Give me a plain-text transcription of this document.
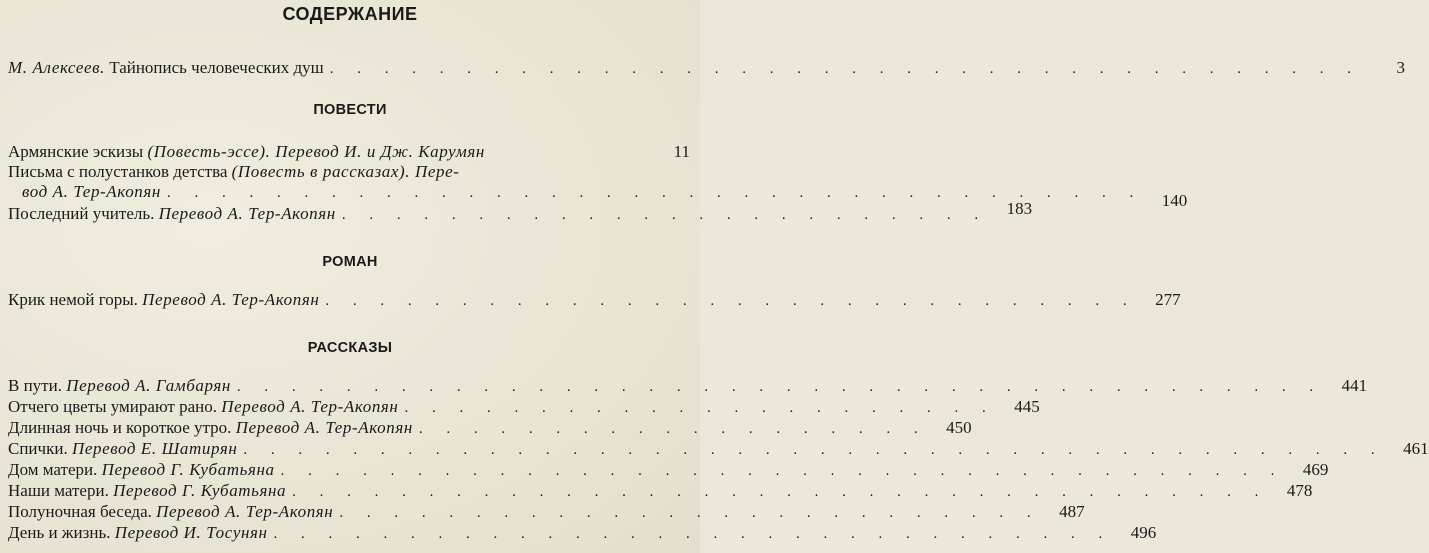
СОДЕРЖАНИЕ
М. Алексеев. Тайнопись человеческих душ . . . . . . . . . . . . . . . . . . . . . . . . . . . . . . . . . . . . . .	3
ПОВЕСТИ
Армянские эскизы (Повесть-эссе). Перевод И. и Дж. Карумян	11
Письма с полустанков детства (Повесть в рассказах). Пере-
вод А. Тер-Акопян . . . . . . . . . . . . . . . . . . . . . . . . . . . . . . . . . . . .	140
Последний учитель. Перевод А. Тер-Акопян . . . . . . . . . . . . . . . . . . . . . . . .	183
РОМАН
Крик немой горы. Перевод А. Тер-Акопян . . . . . . . . . . . . . . . . . . . . . . . . . . . . . .	277
РАССКАЗЫ
В пути. Перевод А. Гамбарян . . . . . . . . . . . . . . . . . . . . . . . . . . . . . . . . . . . . . . . .	441
Отчего цветы умирают рано. Перевод А. Тер-Акопян . . . . . . . . . . . . . . . . . . . . . .	445
Длинная ночь и короткое утро. Перевод А. Тер-Акопян . . . . . . . . . . . . . . . . . . .	450
Спички. Перевод Е. Шатирян . . . . . . . . . . . . . . . . . . . . . . . . . . . . . . . . . . . . . . . . . .	461
Дом матери. Перевод Г. Кубатьяна . . . . . . . . . . . . . . . . . . . . . . . . . . . . . . . . . . . . .	469
Наши матери. Перевод Г. Кубатьяна . . . . . . . . . . . . . . . . . . . . . . . . . . . . . . . . . . . .	478
Полуночная беседа. Перевод А. Тер-Акопян . . . . . . . . . . . . . . . . . . . . . . . . . .	487
День и жизнь. Перевод И. Тосунян . . . . . . . . . . . . . . . . . . . . . . . . . . . . . . .	496
